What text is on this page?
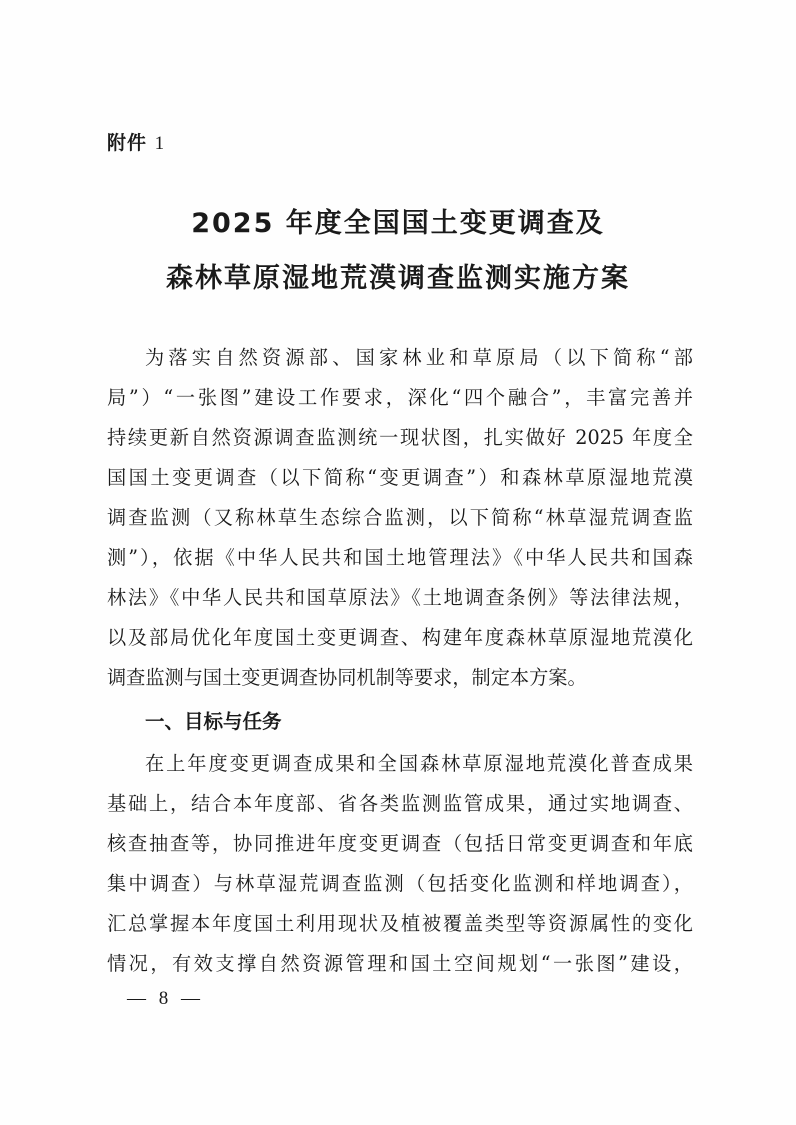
附件 1
2025 年度全国国土变更调查及
森林草原湿地荒漠调查监测实施方案
为落实自然资源部、国家林业和草原局（以下简称“部
局”）“一张图”建设工作要求，深化“四个融合”，丰富完善并
持续更新自然资源调查监测统一现状图，扎实做好 2025 年度全
国国土变更调查（以下简称“变更调查”）和森林草原湿地荒漠
调查监测（又称林草生态综合监测，以下简称“林草湿荒调查监
测”），依据《中华人民共和国土地管理法》《中华人民共和国森
林法》《中华人民共和国草原法》《土地调查条例》等法律法规，
以及部局优化年度国土变更调查、构建年度森林草原湿地荒漠化
调查监测与国土变更调查协同机制等要求，制定本方案。
一、目标与任务
在上年度变更调查成果和全国森林草原湿地荒漠化普查成果
基础上，结合本年度部、省各类监测监管成果，通过实地调查、
核查抽查等，协同推进年度变更调查（包括日常变更调查和年底
集中调查）与林草湿荒调查监测（包括变化监测和样地调查），
汇总掌握本年度国土利用现状及植被覆盖类型等资源属性的变化
情况，有效支撑自然资源管理和国土空间规划“一张图”建设，
— 8 —
